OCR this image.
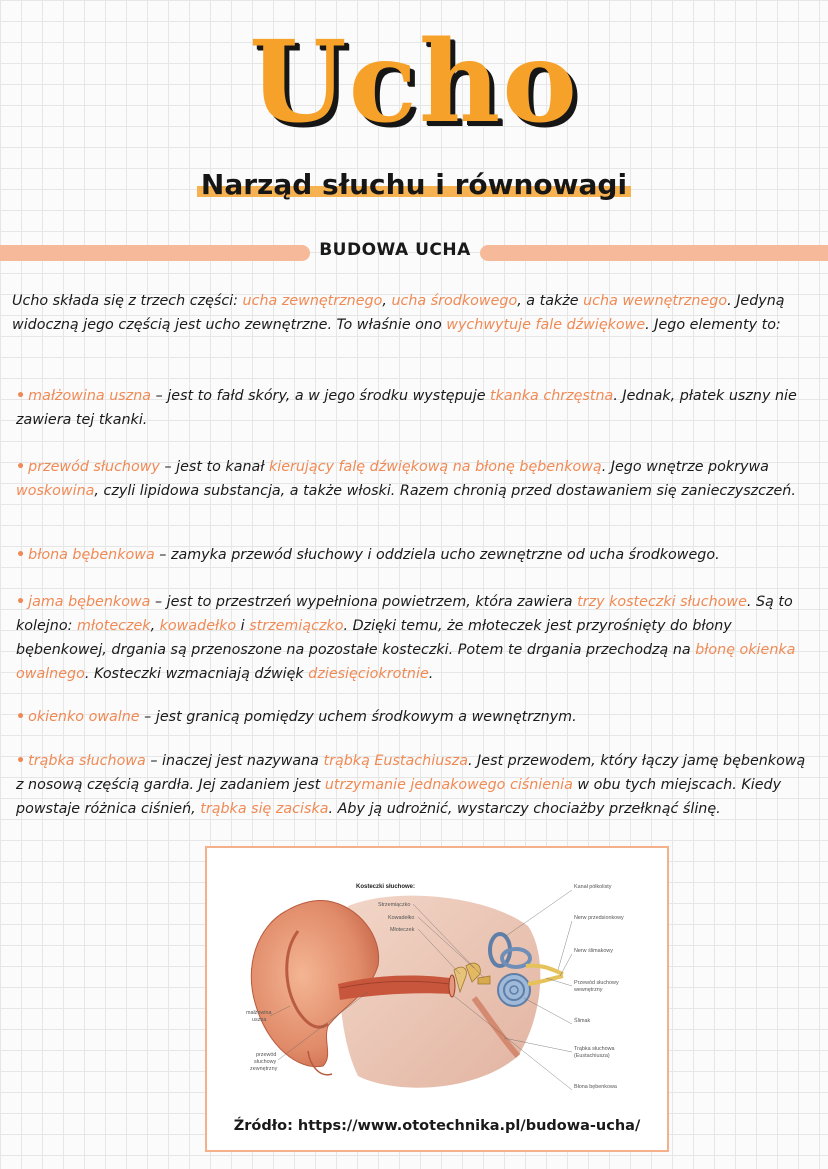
Ucho
Narząd słuchu i równowagi
BUDOWA UCHA
Ucho składa się z trzech części: ucha zewnętrznego, ucha środkowego, a także ucha wewnętrznego. Jedyną widoczną jego częścią jest ucho zewnętrzne. To właśnie ono wychwytuje fale dźwiękowe. Jego elementy to:
• małżowina uszna – jest to fałd skóry, a w jego środku występuje tkanka chrzęstna. Jednak, płatek uszny nie zawiera tej tkanki.
• przewód słuchowy – jest to kanał kierujący falę dźwiękową na błonę bębenkową. Jego wnętrze pokrywa woskowina, czyli lipidowa substancja, a także włoski. Razem chronią przed dostawaniem się zanieczyszczeń.
• błona bębenkowa – zamyka przewód słuchowy i oddziela ucho zewnętrzne od ucha środkowego.
• jama bębenkowa – jest to przestrzeń wypełniona powietrzem, która zawiera trzy kosteczki słuchowe. Są to kolejno: młoteczek, kowadełko i strzemiączko. Dzięki temu, że młoteczek jest przyrośnięty do błony bębenkowej, drgania są przenoszone na pozostałe kosteczki. Potem te drgania przechodzą na błonę okienka owalnego. Kosteczki wzmacniają dźwięk dziesięciokrotnie.
• okienko owalne – jest granicą pomiędzy uchem środkowym a wewnętrznym.
• trąbka słuchowa – inaczej jest nazywana trąbką Eustachiusza. Jest przewodem, który łączy jamę bębenkową z nosową częścią gardła. Jej zadaniem jest utrzymanie jednakowego ciśnienia w obu tych miejscach. Kiedy powstaje różnica ciśnień, trąbka się zaciska. Aby ją udrożnić, wystarczy chociażby przełknąć ślinę.
Kosteczki słuchowe:
Strzemiączko
Kowadełko
Młoteczek
małżowina
uszna
przewód
słuchowy
zewnętrzny
Kanał półkolisty
Nerw przedsionkowy
Nerw ślimakowy
Przewód słuchowy
wewnętrzny
Ślimak
Trąbka słuchowa
(Eustachiusza)
Błona bębenkowa
Źródło: https://www.ototechnika.pl/budowa-ucha/
